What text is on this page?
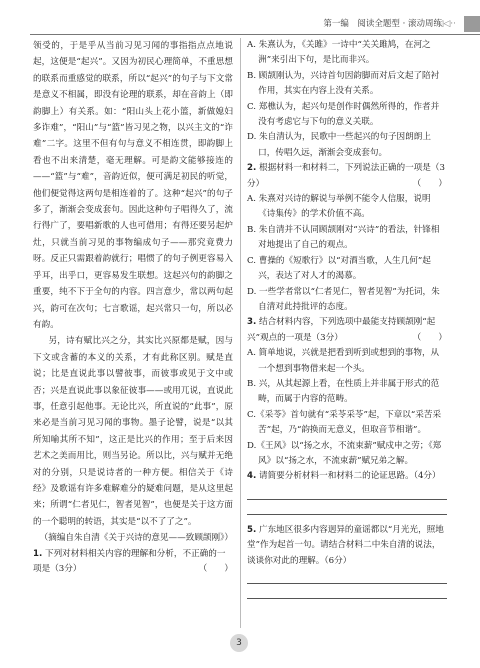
第一编　阅读全题型 · 滚动周练
◁◁··

领受的，于是乎从当前习见习闻的事指指点点地说起，这便是“起兴”。又因为初民心理简单，不重思想的联系而重感觉的联系，所以“起兴”的句子与下文常是意义不相属，即没有论理的联系，却在音韵上（即韵脚上）有关系。如：“阳山头上花小篮，新做媳妇多诈难”，“阳山”与“篮”皆习见之物，以兴主文的“诈难”二字。这里不但有句与意义不相连贯，即韵脚上看也不出来清楚，毫无理解。可是韵文能够接连的——“篮”与“难”，音韵近似，便可满足初民的听觉，他们便觉得这两句是相连着的了。这种“起兴”的句子多了，渐渐会变成套句。因此这种句子唱得久了，流行得广了，要唱新歌的人也可借用；有得还要另起炉灶，只就当前习见的事物编成句子——那究竟费力呀。反正只需跟着韵就行；唱惯了的句子例更容易入乎耳，出乎口，更容易发生联想。这起兴句的韵脚之重要，纯不下于全句的内容。四言意少，常以两句起兴，韵可在次句；七言歌谣，起兴常只一句，所以必有韵。

另，诗有赋比兴之分，其实比兴原都是赋，因与下文或含蓄的本义的关系，才有此称区别。赋是直说；比是直说此事以譬彼事，而彼事或见于文中或否；兴是直说此事以象征彼事——或用兀说，直说此事，任意引起他事。无论比兴，所直说的“此事”，原来必是当前习见习闻的事物。墨子论譬，说是“以其所知喻其所不知”，这正是比兴的作用；至于后来因艺术之美而用比，则当另论。所以比，兴与赋并无绝对的分别，只是说诗者的一种方便。相信关于《诗经》及歌谣有许多难解难分的疑难问题，是从这里起来；所谓“仁者见仁，智者见智”，也便是关于这方面的一个聪明的转语，其实是“以不了了之”。

（摘编自朱自清《关于兴诗的意见——致顾颉刚》）

1. 下列对材料相关内容的理解和分析，不正确的一项是（3分）	（　　）

A. 朱熹认为，《关雎》一诗中“关关雎鸠，在河之洲”来引出下句，是比而非兴。

B. 顾颉刚认为，兴诗首句因韵脚而对后文起了陪衬作用，其实在内容上没有关系。

C. 郑樵认为，起兴句是创作时偶然所得的，作者并没有考虑它与下句的意义关联。

D. 朱自清认为，民歌中一些起兴的句子因朗朗上口，传唱久远，渐渐会变成套句。

2. 根据材料一和材料二，下列说法正确的一项是（3分）	（　　）

A. 朱熹对兴诗的解说与举例不能令人信服，说明《诗集传》的学术价值不高。

B. 朱自清并不认同顾颉刚对“兴诗”的看法，针锋相对地提出了自己的观点。

C. 曹操的《短歌行》以“对酒当歌，人生几何”起兴，表达了对人才的渴慕。

D. 一些学者常以“仁者见仁，智者见智”为托词，朱自清对此持批评的态度。

3. 结合材料内容，下列选项中最能支持顾颉刚“起兴”观点的一项是（3分）	（　　）

A. 简单地说，兴就是把看到听到或想到的事物，从一个想到事物借来起一个头。

B. 兴，从其起源上看，在性质上并非属于形式的范畴，而属于内容的范畴。

C.《采苓》首句就有“采苓采苓”起，下章以“采苦采苦”起，乃“韵换而无意义，但取音节相谐”。

D.《王风》以“扬之水，不流束薪”赋戍申之劳；《郑风》以“扬之水，不流束薪”赋兄弟之解。

4. 请简要分析材料一和材料二的论证思路。（4分）

5. 广东地区很多内容迥异的童谣都以“月光光，照地堂”作为起首一句。请结合材料二中朱自清的说法，谈谈你对此的理解。（6分）

3
